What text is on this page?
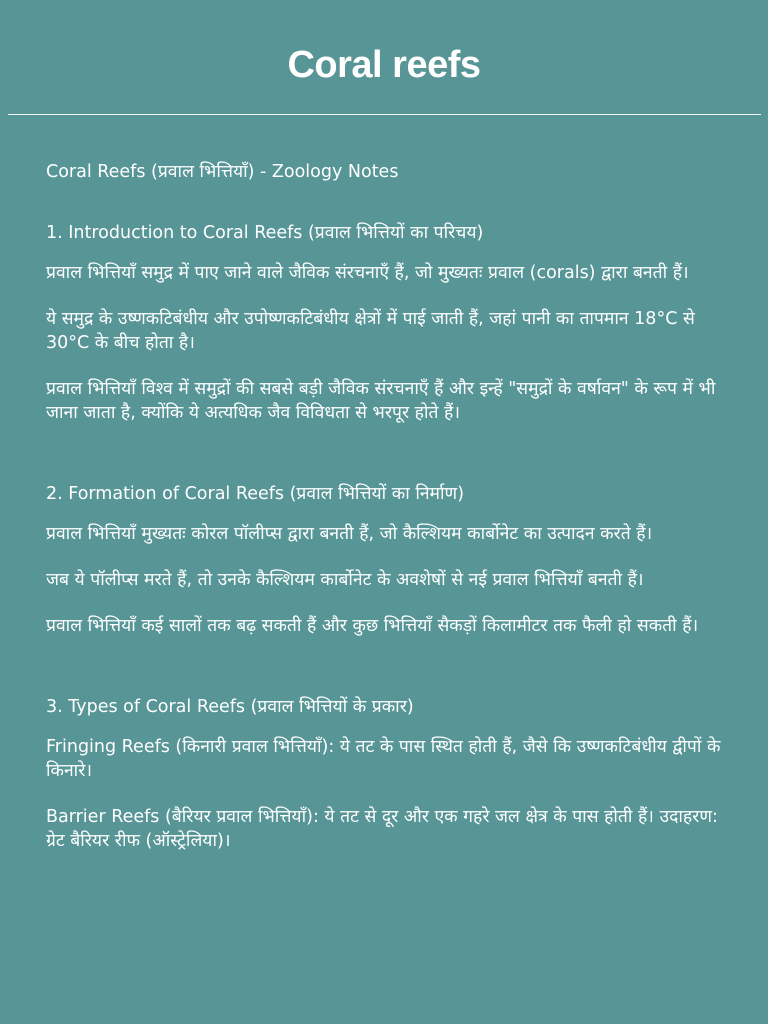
Coral reefs

Coral Reefs (प्रवाल भित्तियाँ) - Zoology Notes

1. Introduction to Coral Reefs (प्रवाल भित्तियों का परिचय)

प्रवाल भित्तियाँ समुद्र में पाए जाने वाले जैविक संरचनाएँ हैं, जो मुख्यतः प्रवाल (corals) द्वारा बनती हैं।

ये समुद्र के उष्णकटिबंधीय और उपोष्णकटिबंधीय क्षेत्रों में पाई जाती हैं, जहां पानी का तापमान 18°C से 30°C के बीच होता है।

प्रवाल भित्तियाँ विश्व में समुद्रों की सबसे बड़ी जैविक संरचनाएँ हैं और इन्हें "समुद्रों के वर्षावन" के रूप में भी जाना जाता है, क्योंकि ये अत्यधिक जैव विविधता से भरपूर होते हैं।

2. Formation of Coral Reefs (प्रवाल भित्तियों का निर्माण)

प्रवाल भित्तियाँ मुख्यतः कोरल पॉलीप्स द्वारा बनती हैं, जो कैल्शियम कार्बोनेट का उत्पादन करते हैं।

जब ये पॉलीप्स मरते हैं, तो उनके कैल्शियम कार्बोनेट के अवशेषों से नई प्रवाल भित्तियाँ बनती हैं।

प्रवाल भित्तियाँ कई सालों तक बढ़ सकती हैं और कुछ भित्तियाँ सैकड़ों किलामीटर तक फैली हो सकती हैं।

3. Types of Coral Reefs (प्रवाल भित्तियों के प्रकार)

Fringing Reefs (किनारी प्रवाल भित्तियाँ): ये तट के पास स्थित होती हैं, जैसे कि उष्णकटिबंधीय द्वीपों के किनारे।

Barrier Reefs (बैरियर प्रवाल भित्तियाँ): ये तट से दूर और एक गहरे जल क्षेत्र के पास होती हैं। उदाहरण: ग्रेट बैरियर रीफ (ऑस्ट्रेलिया)।
